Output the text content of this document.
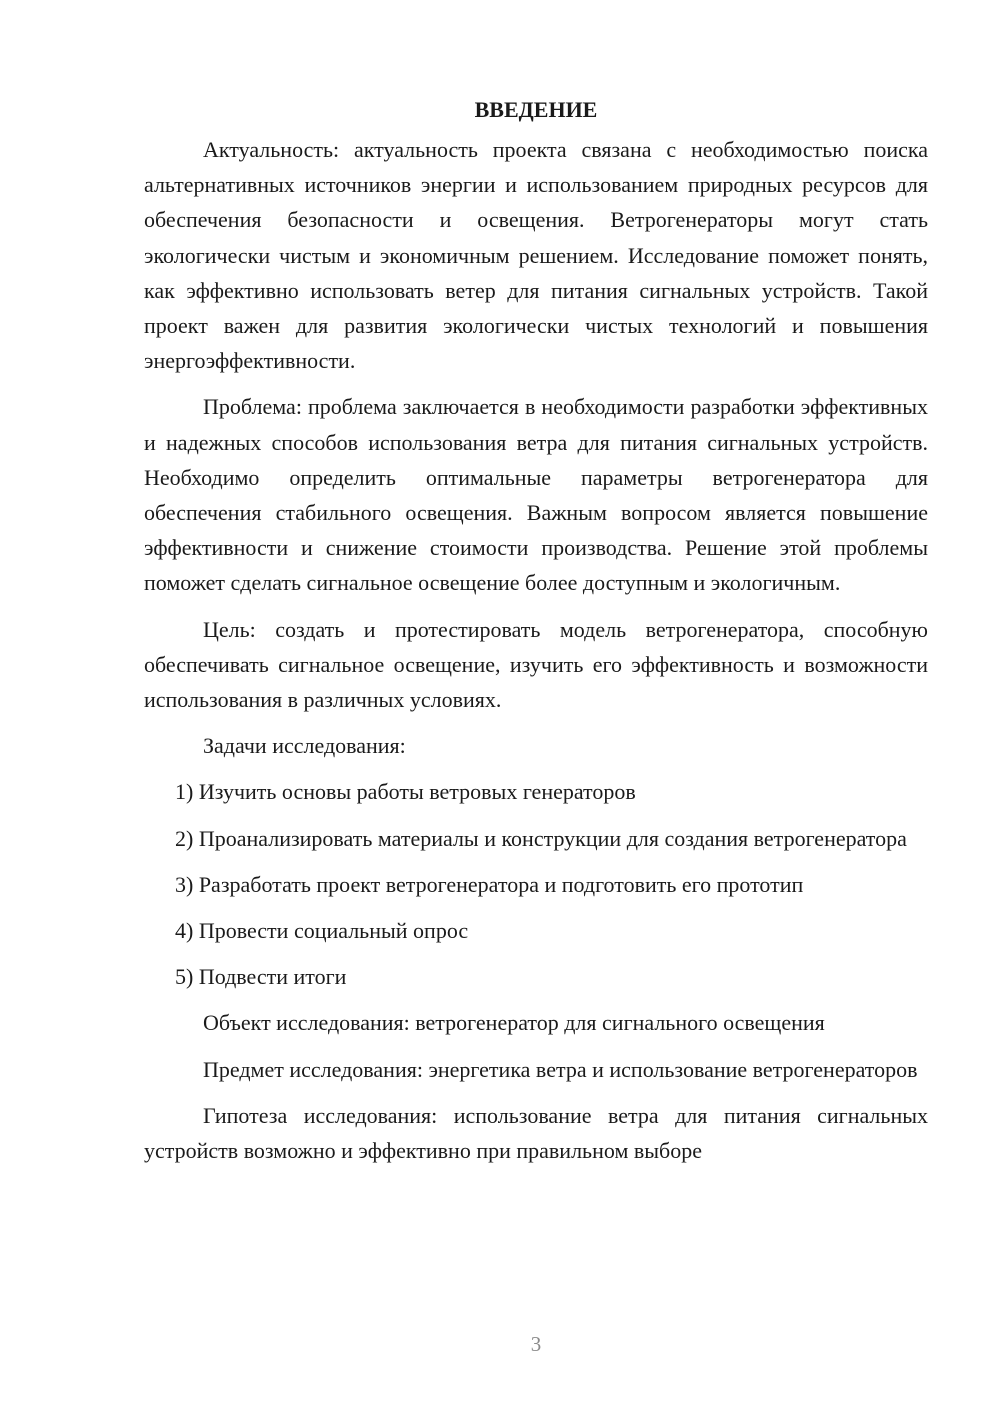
ВВЕДЕНИЕ

Актуальность: актуальность проекта связана с необходимостью поиска альтернативных источников энергии и использованием природных ресурсов для обеспечения безопасности и освещения. Ветрогенераторы могут стать экологически чистым и экономичным решением. Исследование поможет понять, как эффективно использовать ветер для питания сигнальных устройств. Такой проект важен для развития экологически чистых технологий и повышения энергоэффективности.

Проблема: проблема заключается в необходимости разработки эффективных и надежных способов использования ветра для питания сигнальных устройств. Необходимо определить оптимальные параметры ветрогенератора для обеспечения стабильного освещения. Важным вопросом является повышение эффективности и снижение стоимости производства. Решение этой проблемы поможет сделать сигнальное освещение более доступным и экологичным.

Цель: создать и протестировать модель ветрогенератора, способную обеспечивать сигнальное освещение, изучить его эффективность и возможности использования в различных условиях.

Задачи исследования:

1) Изучить основы работы ветровых генераторов

2) Проанализировать материалы и конструкции для создания ветрогенератора

3) Разработать проект ветрогенератора и подготовить его прототип

4) Провести социальный опрос

5) Подвести итоги

Объект исследования: ветрогенератор для сигнального освещения

Предмет исследования: энергетика ветра и использование ветрогенераторов

Гипотеза исследования: использование ветра для питания сигнальных устройств возможно и эффективно при правильном выборе

3
